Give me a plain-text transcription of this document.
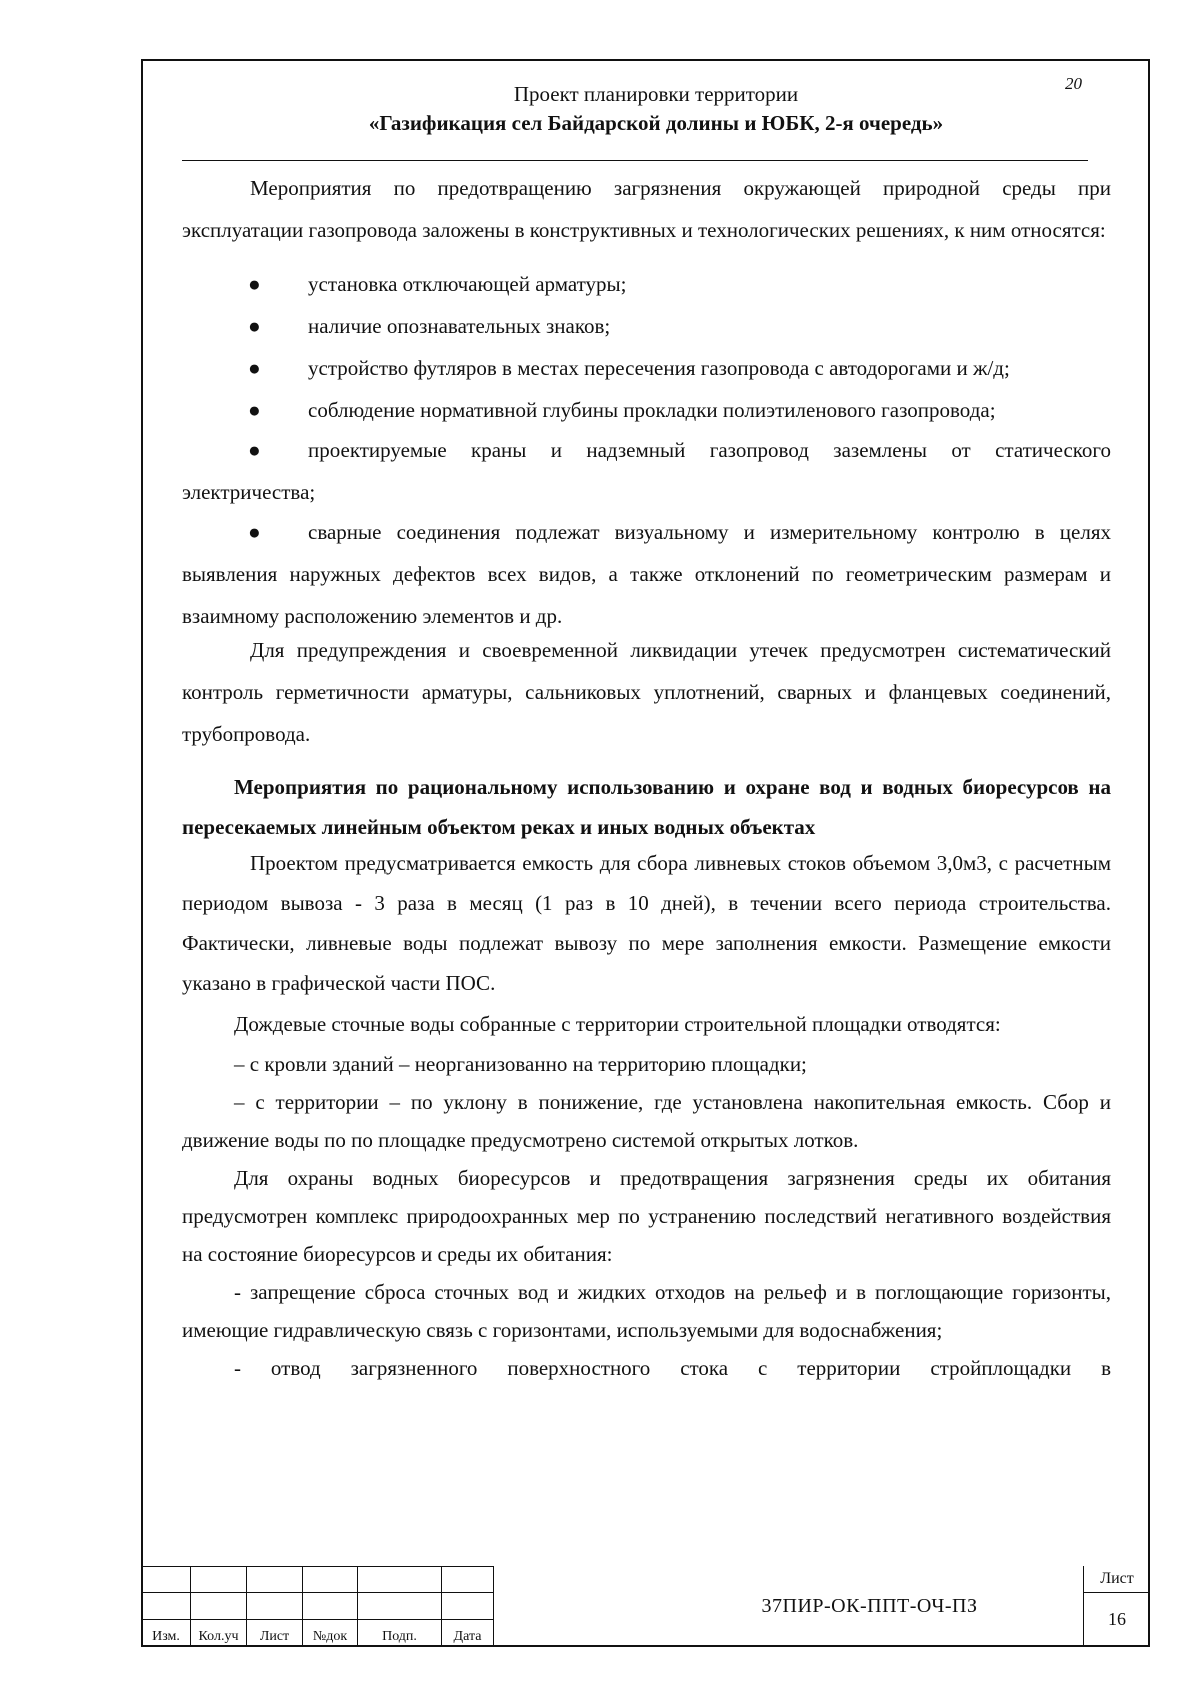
20
Проект планировки территории
«Газификация сел Байдарской долины и ЮБК, 2-я очередь»

Мероприятия по предотвращению загрязнения окружающей природной среды при эксплуатации газопровода заложены в конструктивных и технологических решениях, к ним относятся:

● установка отключающей арматуры;

● наличие опознавательных знаков;

● устройство футляров в местах пересечения газопровода с автодорогами и ж/д;

● соблюдение нормативной глубины прокладки полиэтиленового газопровода;

● проектируемые краны и надземный газопровод заземлены от статического электричества;

● сварные соединения подлежат визуальному и измерительному контролю в целях выявления наружных дефектов всех видов, а также отклонений по геометрическим размерам и взаимному расположению элементов и др.

Для предупреждения и своевременной ликвидации утечек предусмотрен систематический контроль герметичности арматуры, сальниковых уплотнений, сварных и фланцевых соединений, трубопровода.

Мероприятия по рациональному использованию и охране вод и водных биоресурсов на пересекаемых линейным объектом реках и иных водных объектах

Проектом предусматривается емкость для сбора ливневых стоков объемом 3,0м3, с расчетным периодом вывоза - 3 раза в месяц (1 раз в 10 дней), в течении всего периода строительства. Фактически, ливневые воды подлежат вывозу по мере заполнения емкости. Размещение емкости указано в графической части ПОС.

Дождевые сточные воды собранные с территории строительной площадки отводятся:

– с кровли зданий – неорганизованно на территорию площадки;

– с территории – по уклону в понижение, где установлена накопительная емкость. Сбор и движение воды по по площадке предусмотрено системой открытых лотков.

Для охраны водных биоресурсов и предотвращения загрязнения среды их обитания предусмотрен комплекс природоохранных мер по устранению последствий негативного воздействия на состояние биоресурсов и среды их обитания:

- запрещение сброса сточных вод и жидких отходов на рельеф и в поглощающие горизонты, имеющие гидравлическую связь с горизонтами, используемыми для водоснабжения;

- отвод загрязненного поверхностного стока с территории стройплощадки в

Изм.	Кол.уч	Лист	№док	Подп.	Дата
37ПИР-ОК-ППТ-ОЧ-ПЗ
Лист
16
